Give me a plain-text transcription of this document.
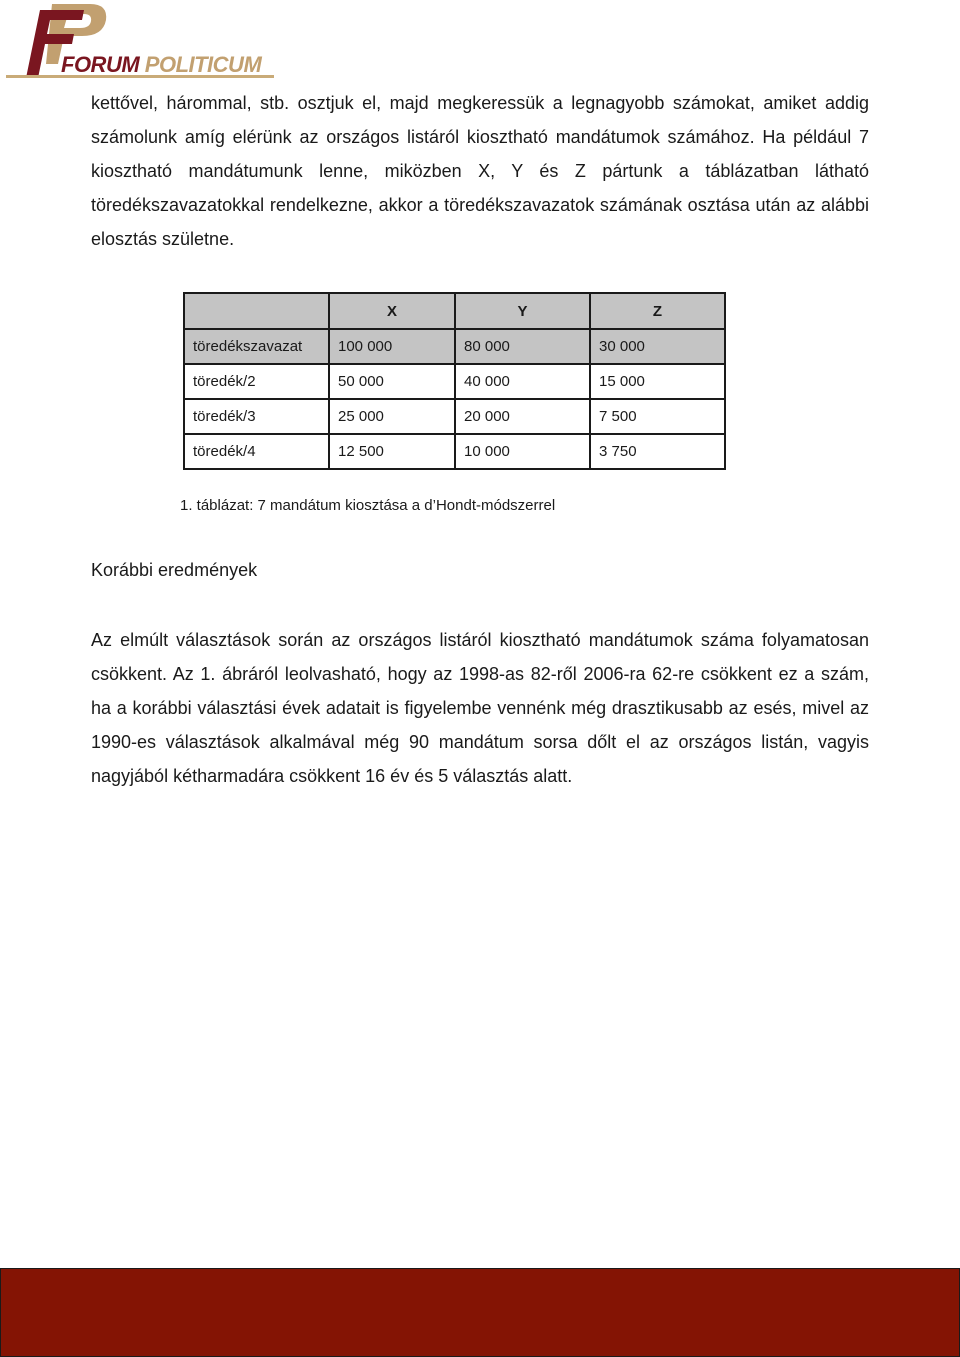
FORUM POLITICUM

kettővel, hárommal, stb. osztjuk el, majd megkeressük a legnagyobb számokat, amiket addig számolunk amíg elérünk az országos listáról kiosztható mandátumok számához. Ha például 7 kiosztható mandátumunk lenne, miközben X, Y és Z pártunk a táblázatban látható töredékszavazatokkal rendelkezne, akkor a töredékszavazatok számának osztása után az alábbi elosztás születne.

	X	Y	Z
töredékszavazat	100 000	80 000	30 000
töredék/2	50 000	40 000	15 000
töredék/3	25 000	20 000	7 500
töredék/4	12 500	10 000	3 750
1. táblázat: 7 mandátum kiosztása a d’Hondt-módszerrel
Korábbi eredmények

Az elmúlt választások során az országos listáról kiosztható mandátumok száma folyamatosan csökkent. Az 1. ábráról leolvasható, hogy az 1998-as 82-ről 2006-ra 62-re csökkent ez a szám, ha a korábbi választási évek adatait is figyelembe vennénk még drasztikusabb az esés, mivel az 1990-es választások alkalmával még 90 mandátum sorsa dőlt el az országos listán, vagyis nagyjából kétharmadára csökkent 16 év és 5 választás alatt.
